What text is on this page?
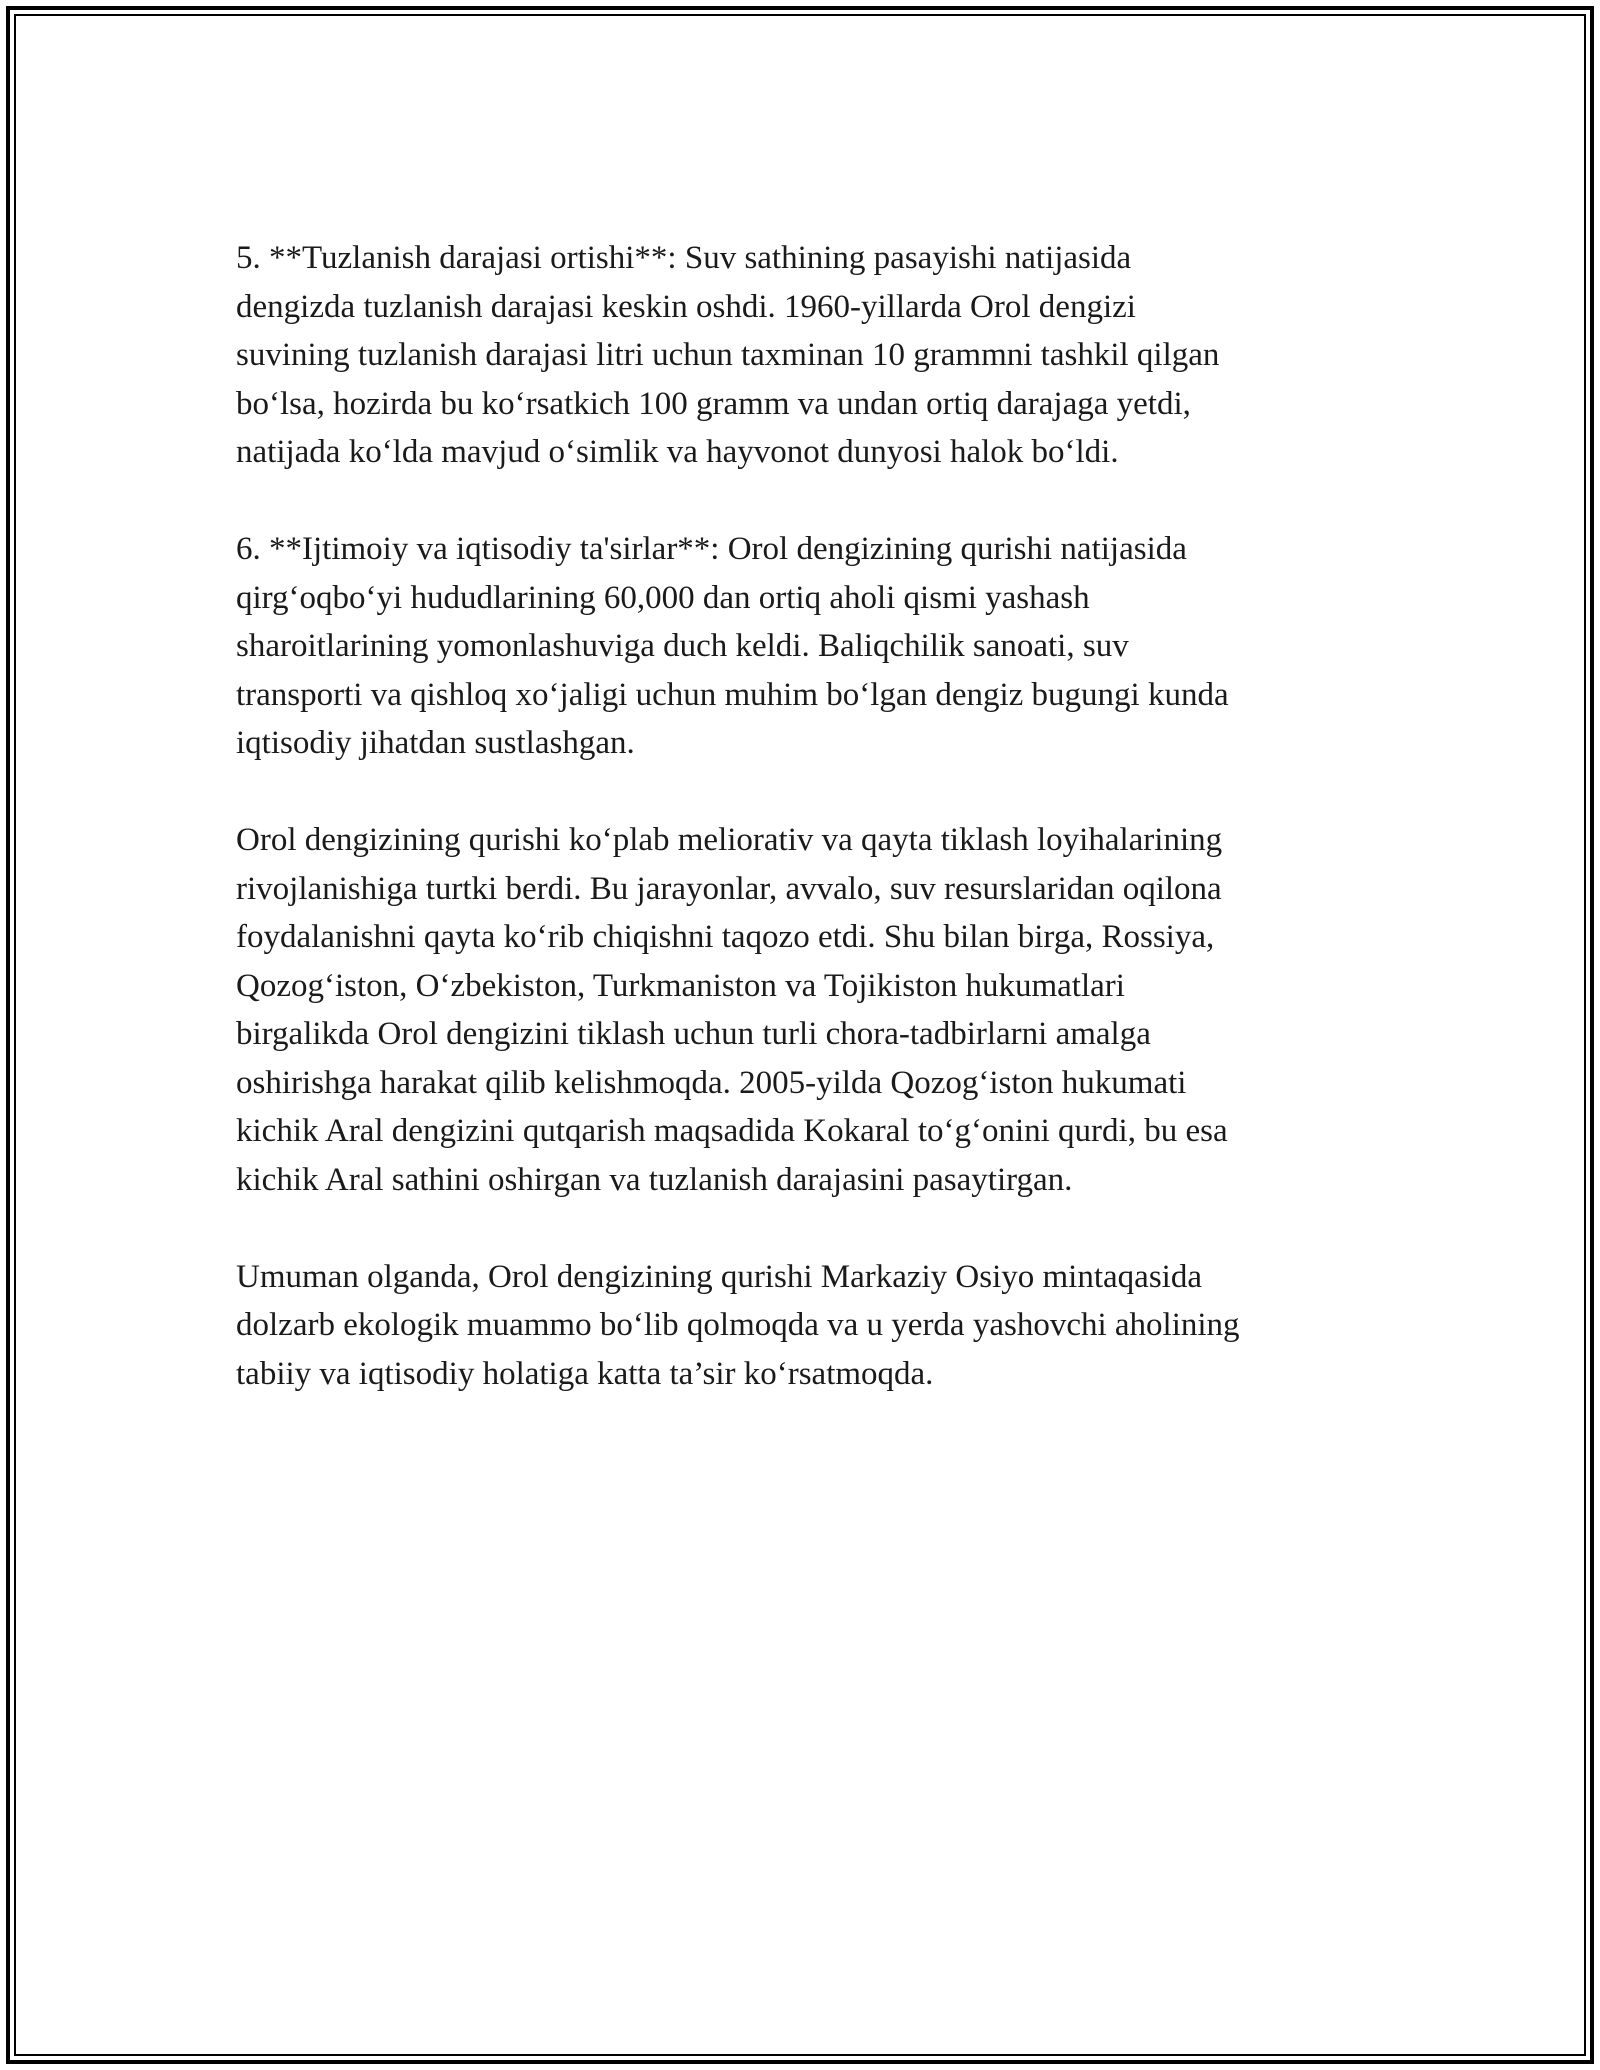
5. **Tuzlanish darajasi ortishi**: Suv sathining pasayishi natijasida
dengizda tuzlanish darajasi keskin oshdi. 1960-yillarda Orol dengizi
suvining tuzlanish darajasi litri uchun taxminan 10 grammni tashkil qilgan
bo‘lsa, hozirda bu ko‘rsatkich 100 gramm va undan ortiq darajaga yetdi,
natijada ko‘lda mavjud o‘simlik va hayvonot dunyosi halok bo‘ldi.

6. **Ijtimoiy va iqtisodiy ta'sirlar**: Orol dengizining qurishi natijasida
qirg‘oqbo‘yi hududlarining 60,000 dan ortiq aholi qismi yashash
sharoitlarining yomonlashuviga duch keldi. Baliqchilik sanoati, suv
transporti va qishloq xo‘jaligi uchun muhim bo‘lgan dengiz bugungi kunda
iqtisodiy jihatdan sustlashgan.

Orol dengizining qurishi ko‘plab meliorativ va qayta tiklash loyihalarining
rivojlanishiga turtki berdi. Bu jarayonlar, avvalo, suv resurslaridan oqilona
foydalanishni qayta ko‘rib chiqishni taqozo etdi. Shu bilan birga, Rossiya,
Qozog‘iston, O‘zbekiston, Turkmaniston va Tojikiston hukumatlari
birgalikda Orol dengizini tiklash uchun turli chora-tadbirlarni amalga
oshirishga harakat qilib kelishmoqda. 2005-yilda Qozog‘iston hukumati
kichik Aral dengizini qutqarish maqsadida Kokaral to‘g‘onini qurdi, bu esa
kichik Aral sathini oshirgan va tuzlanish darajasini pasaytirgan.

Umuman olganda, Orol dengizining qurishi Markaziy Osiyo mintaqasida
dolzarb ekologik muammo bo‘lib qolmoqda va u yerda yashovchi aholining
tabiiy va iqtisodiy holatiga katta ta’sir ko‘rsatmoqda.
